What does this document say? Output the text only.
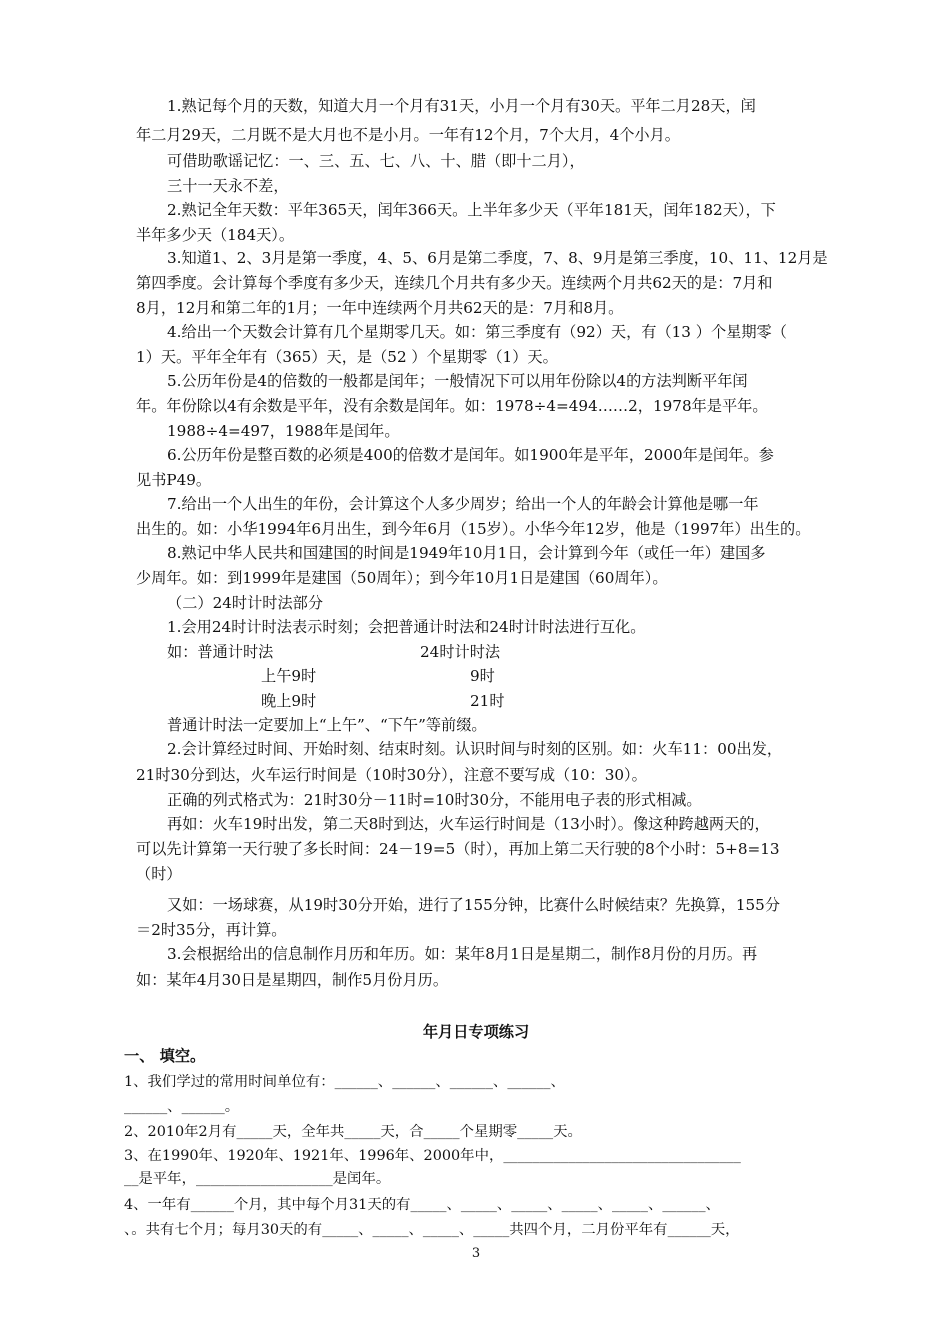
1.熟记每个月的天数，知道大月一个月有31天，小月一个月有30天。平年二月28天，闰
年二月29天，二月既不是大月也不是小月。一年有12个月，7个大月，4个小月。
可借助歌谣记忆：一、三、五、七、八、十、腊（即十二月），
三十一天永不差，
2.熟记全年天数：平年365天，闰年366天。上半年多少天（平年181天，闰年182天），下
半年多少天（184天）。
3.知道1、2、3月是第一季度，4、5、6月是第二季度，7、8、9月是第三季度，10、11、12月是
第四季度。会计算每个季度有多少天，连续几个月共有多少天。连续两个月共62天的是：7月和
8月，12月和第二年的1月；一年中连续两个月共62天的是：7月和8月。
4.给出一个天数会计算有几个星期零几天。如：第三季度有（92）天，有（13 ）个星期零（
1）天。平年全年有（365）天，是（52 ）个星期零（1）天。
5.公历年份是4的倍数的一般都是闰年；一般情况下可以用年份除以4的方法判断平年闰
年。年份除以4有余数是平年，没有余数是闰年。如：1978÷4=494……2，1978年是平年。
1988÷4=497，1988年是闰年。
6.公历年份是整百数的必须是400的倍数才是闰年。如1900年是平年，2000年是闰年。参
见书P49。
7.给出一个人出生的年份，会计算这个人多少周岁；给出一个人的年龄会计算他是哪一年
出生的。如：小华1994年6月出生，到今年6月（15岁）。小华今年12岁，他是（1997年）出生的。
8.熟记中华人民共和国建国的时间是1949年10月1日，会计算到今年（或任一年）建国多
少周年。如：到1999年是建国（50周年）；到今年10月1日是建国（60周年）。
（二）24时计时法部分
1.会用24时计时法表示时刻；会把普通计时法和24时计时法进行互化。
如：普通计时法	24时计时法
上午9时	9时
晚上9时	21时
普通计时法一定要加上“上午”、“下午”等前缀。
2.会计算经过时间、开始时刻、结束时刻。认识时间与时刻的区别。如：火车11：00出发，
21时30分到达，火车运行时间是（10时30分），注意不要写成（10：30）。
正确的列式格式为：21时30分－11时=10时30分，不能用电子表的形式相减。
再如：火车19时出发，第二天8时到达，火车运行时间是（13小时）。像这种跨越两天的，
可以先计算第一天行驶了多长时间：24－19=5（时），再加上第二天行驶的8个小时：5+8=13
（时）
又如：一场球赛，从19时30分开始，进行了155分钟，比赛什么时候结束？先换算，155分
＝2时35分，再计算。
3.会根据给出的信息制作月历和年历。如：某年8月1日是星期二，制作8月份的月历。再
如：某年4月30日是星期四，制作5月份月历。
年月日专项练习
一、 填空。
1、我们学过的常用时间单位有：______、______、______、______、
______、______。
2、2010年2月有_____天，全年共_____天，合_____个星期零_____天。
3、在1990年、1920年、1921年、1996年、2000年中，_________________________________
__是平年，___________________是闰年。
4、一年有______个月，其中每个月31天的有_____、_____、_____、_____、_____、______、
、。共有七个月；每月30天的有_____、_____、_____、_____共四个月，二月份平年有______天，
3
